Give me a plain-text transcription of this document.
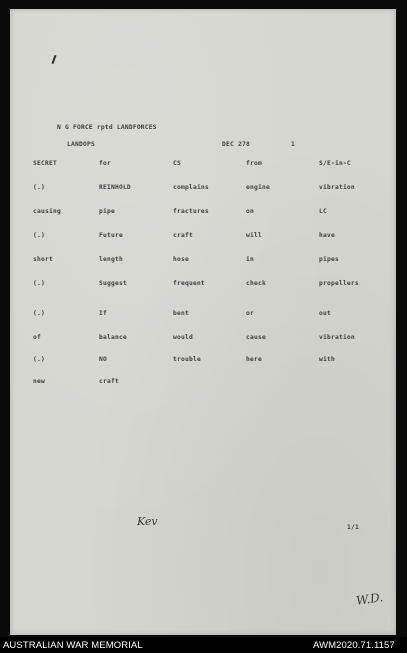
N G FORCE rptd LANDFORCES
LANDOPS	DEC 278	1
SECRET	for	CS	from	S/E-in-C
(.)	REINHOLD	complains	engine	vibration
causing	pipe	fractures	on	LC
(.)	Future	craft	will	have
short	length	hose	in	pipes
(.)	Suggest	frequent	check	propellers
(.)	If	bent	or	out
of	balance	would	cause	vibration
(.)	NO	trouble	here	with
new	craft
Kev	1/1
W.D.
AUSTRALIAN WAR MEMORIAL	AWM2020.71.1157
